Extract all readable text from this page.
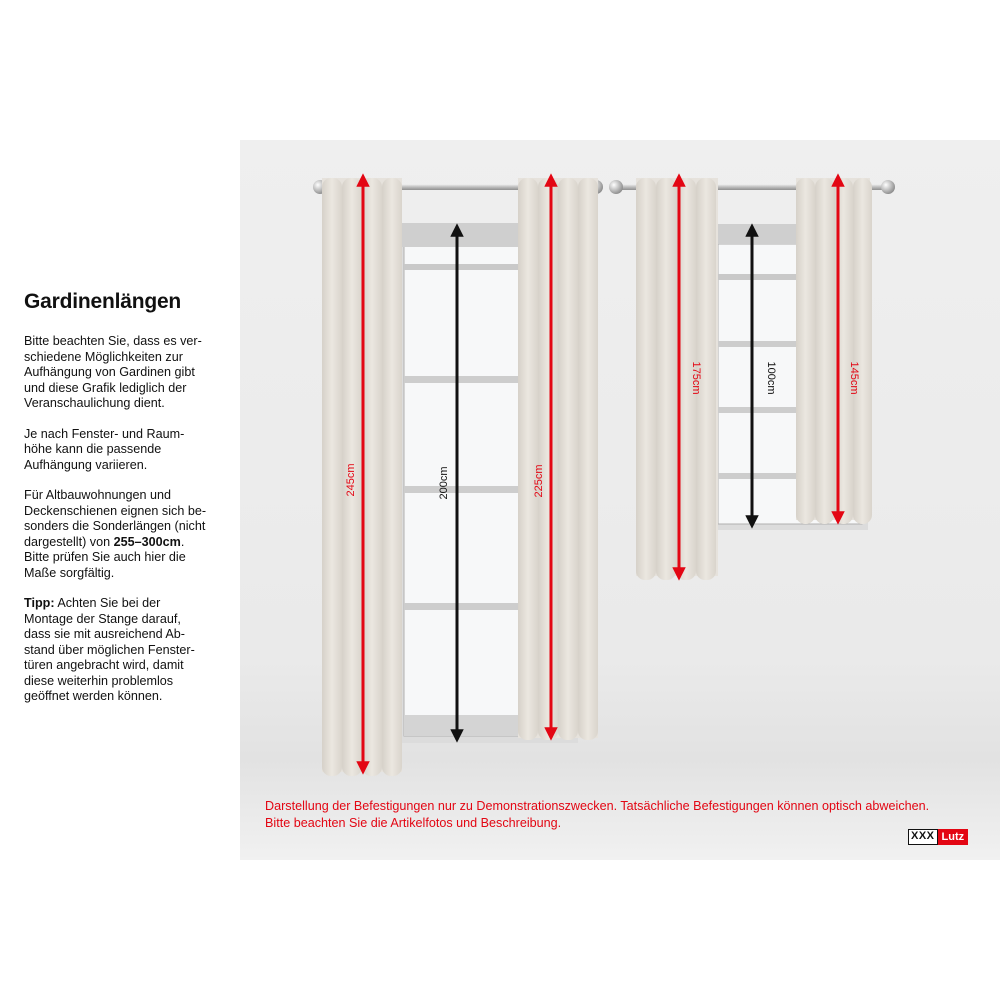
Gardinenlängen

Bitte beachten Sie, dass es ver-
schiedene Möglichkeiten zur
Aufhängung von Gardinen gibt
und diese Grafik lediglich der
Veranschaulichung dient.

Je nach Fenster- und Raum-
höhe kann die passende
Aufhängung variieren.

Für Altbauwohnungen und
Deckenschienen eignen sich be-
sonders die Sonderlängen (nicht
dargestellt) von 255–300cm.
Bitte prüfen Sie auch hier die
Maße sorgfältig.

Tipp: Achten Sie bei der
Montage der Stange darauf,
dass sie mit ausreichend Ab-
stand über möglichen Fenster-
türen angebracht wird, damit
diese weiterhin problemlos
geöffnet werden können.

245cm	200cm	225cm
175cm	100cm	145cm
Darstellung der Befestigungen nur zu Demonstrationszwecken. Tatsächliche Befestigungen können optisch abweichen.
Bitte beachten Sie die Artikelfotos und Beschreibung.
XXX Lutz
